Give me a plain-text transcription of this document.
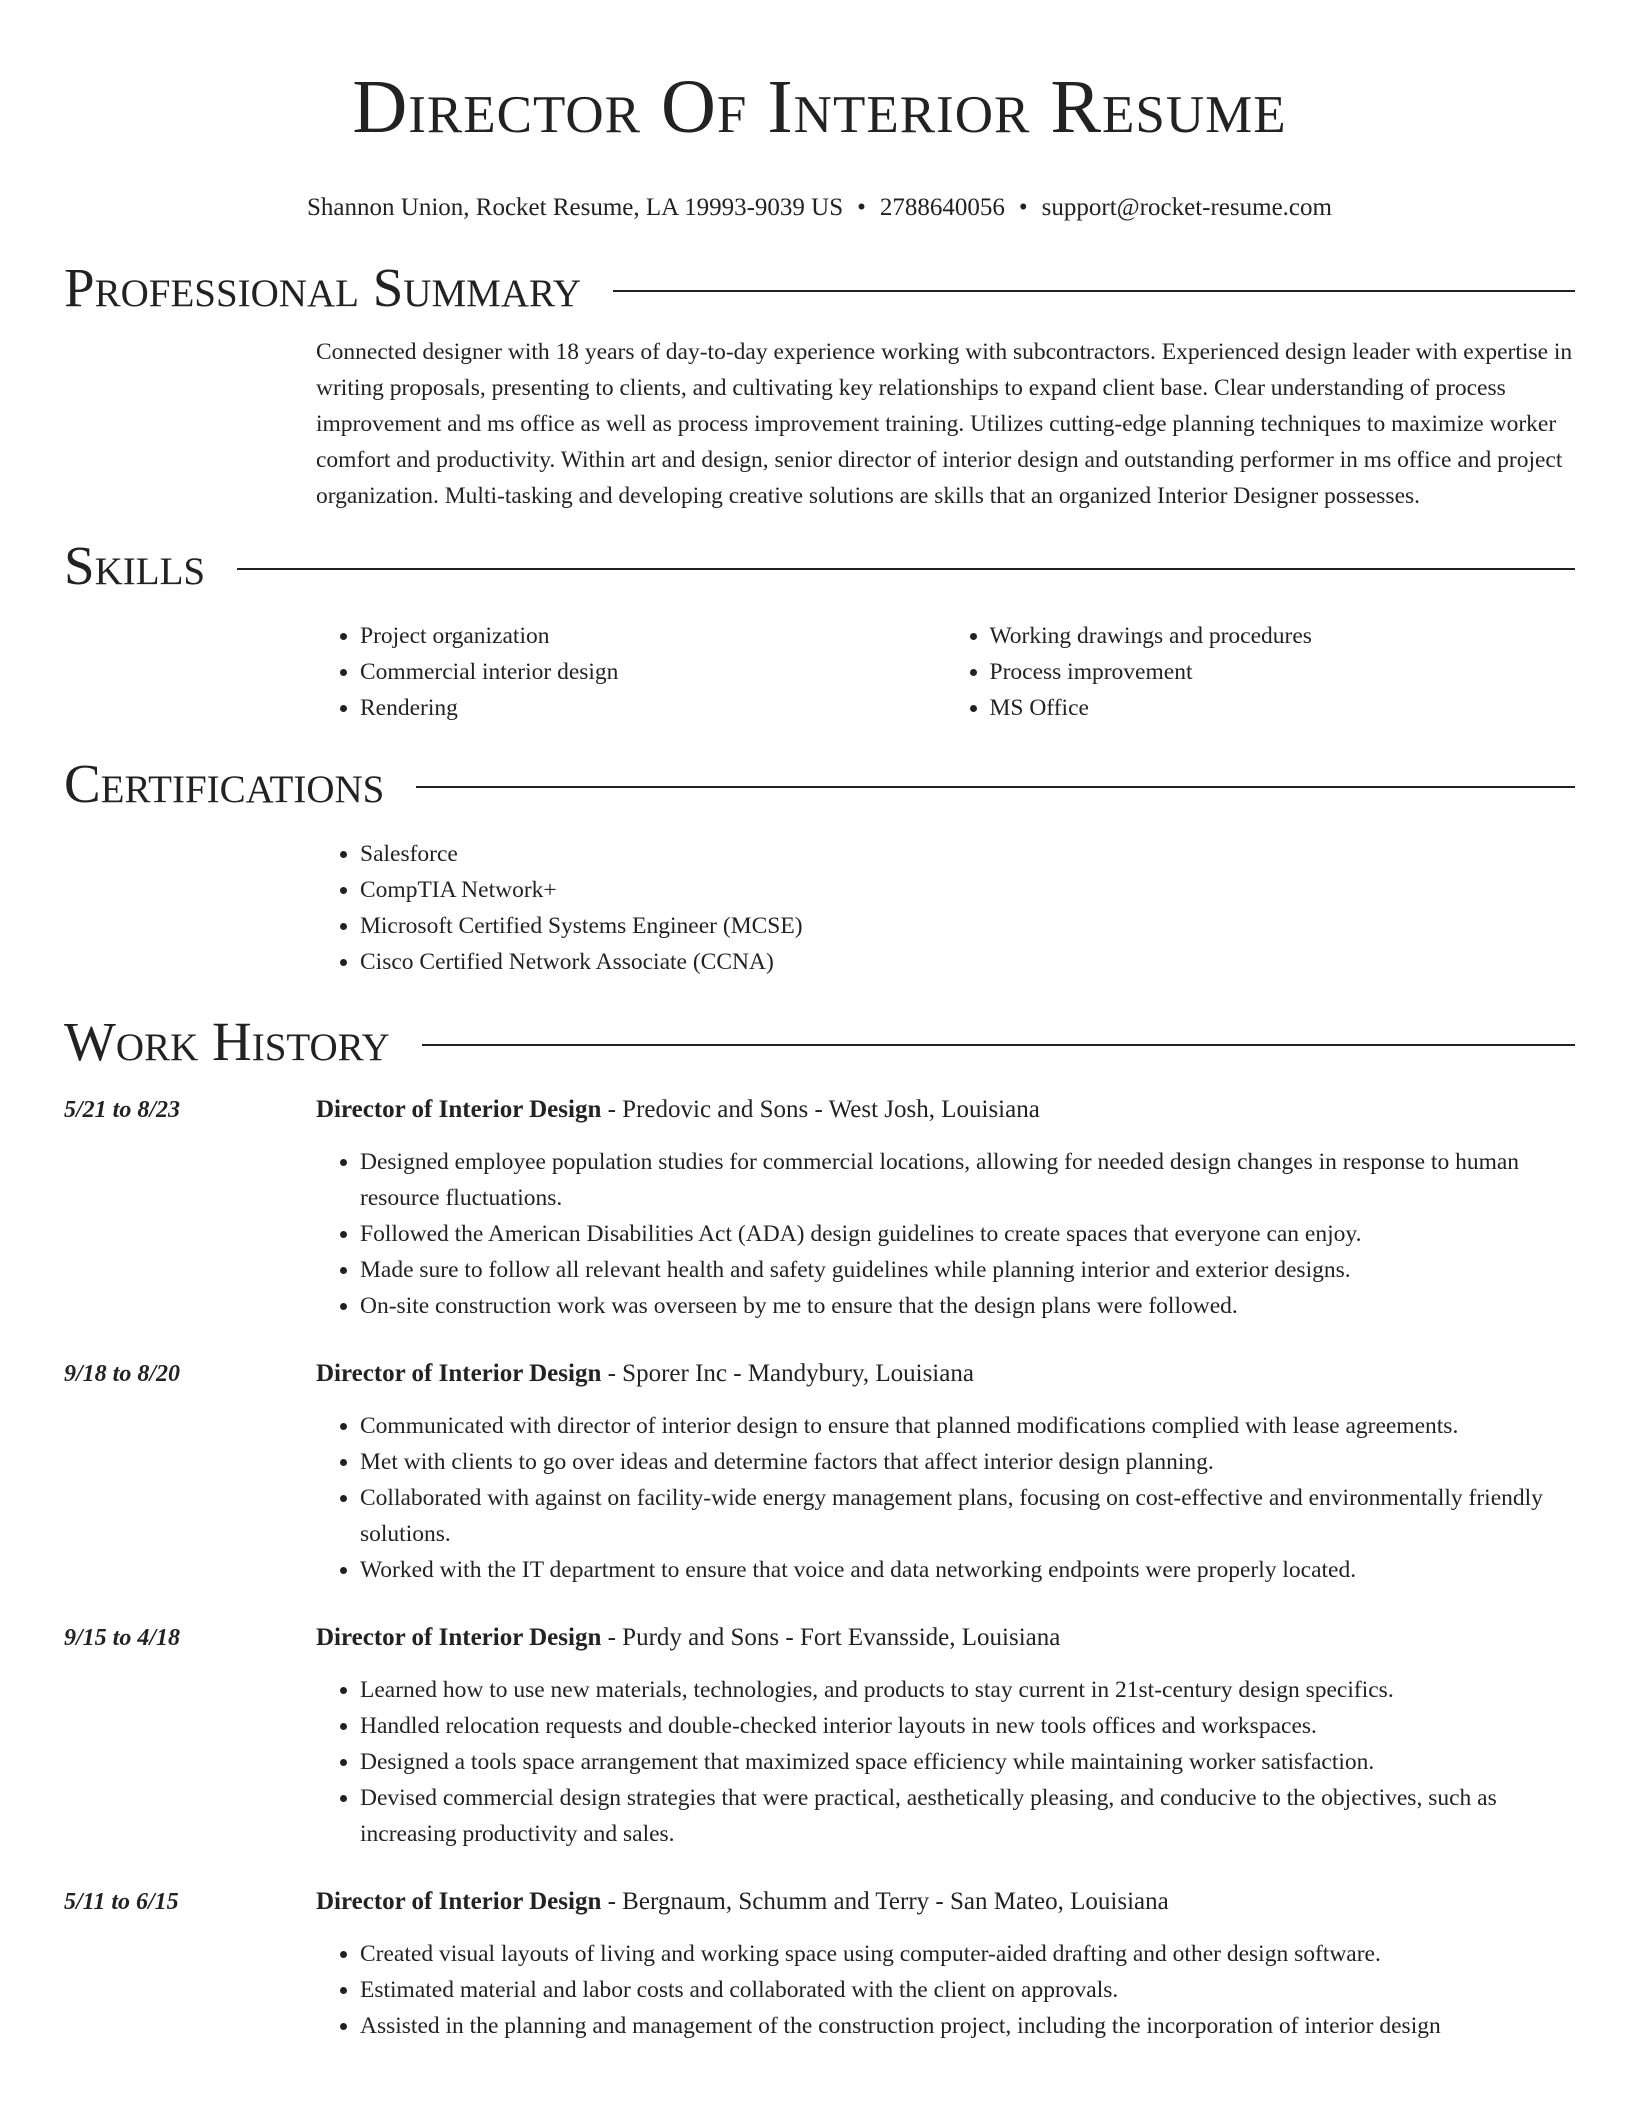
Director Of Interior Resume
Shannon Union, Rocket Resume, LA 19993-9039 US • 2788640056 • support@rocket-resume.com
Professional Summary
Connected designer with 18 years of day-to-day experience working with subcontractors. Experienced design leader with expertise in writing proposals, presenting to clients, and cultivating key relationships to expand client base. Clear understanding of process improvement and ms office as well as process improvement training. Utilizes cutting-edge planning techniques to maximize worker comfort and productivity. Within art and design, senior director of interior design and outstanding performer in ms office and project organization. Multi-tasking and developing creative solutions are skills that an organized Interior Designer possesses.
Skills
• Project organization
• Commercial interior design
• Rendering
• Working drawings and procedures
• Process improvement
• MS Office
Certifications
• Salesforce
• CompTIA Network+
• Microsoft Certified Systems Engineer (MCSE)
• Cisco Certified Network Associate (CCNA)
Work History
5/21 to 8/23	Director of Interior Design - Predovic and Sons - West Josh, Louisiana
• Designed employee population studies for commercial locations, allowing for needed design changes in response to human resource fluctuations.
• Followed the American Disabilities Act (ADA) design guidelines to create spaces that everyone can enjoy.
• Made sure to follow all relevant health and safety guidelines while planning interior and exterior designs.
• On-site construction work was overseen by me to ensure that the design plans were followed.
9/18 to 8/20	Director of Interior Design - Sporer Inc - Mandybury, Louisiana
• Communicated with director of interior design to ensure that planned modifications complied with lease agreements.
• Met with clients to go over ideas and determine factors that affect interior design planning.
• Collaborated with against on facility-wide energy management plans, focusing on cost-effective and environmentally friendly solutions.
• Worked with the IT department to ensure that voice and data networking endpoints were properly located.
9/15 to 4/18	Director of Interior Design - Purdy and Sons - Fort Evansside, Louisiana
• Learned how to use new materials, technologies, and products to stay current in 21st-century design specifics.
• Handled relocation requests and double-checked interior layouts in new tools offices and workspaces.
• Designed a tools space arrangement that maximized space efficiency while maintaining worker satisfaction.
• Devised commercial design strategies that were practical, aesthetically pleasing, and conducive to the objectives, such as increasing productivity and sales.
5/11 to 6/15	Director of Interior Design - Bergnaum, Schumm and Terry - San Mateo, Louisiana
• Created visual layouts of living and working space using computer-aided drafting and other design software.
• Estimated material and labor costs and collaborated with the client on approvals.
• Assisted in the planning and management of the construction project, including the incorporation of interior design
